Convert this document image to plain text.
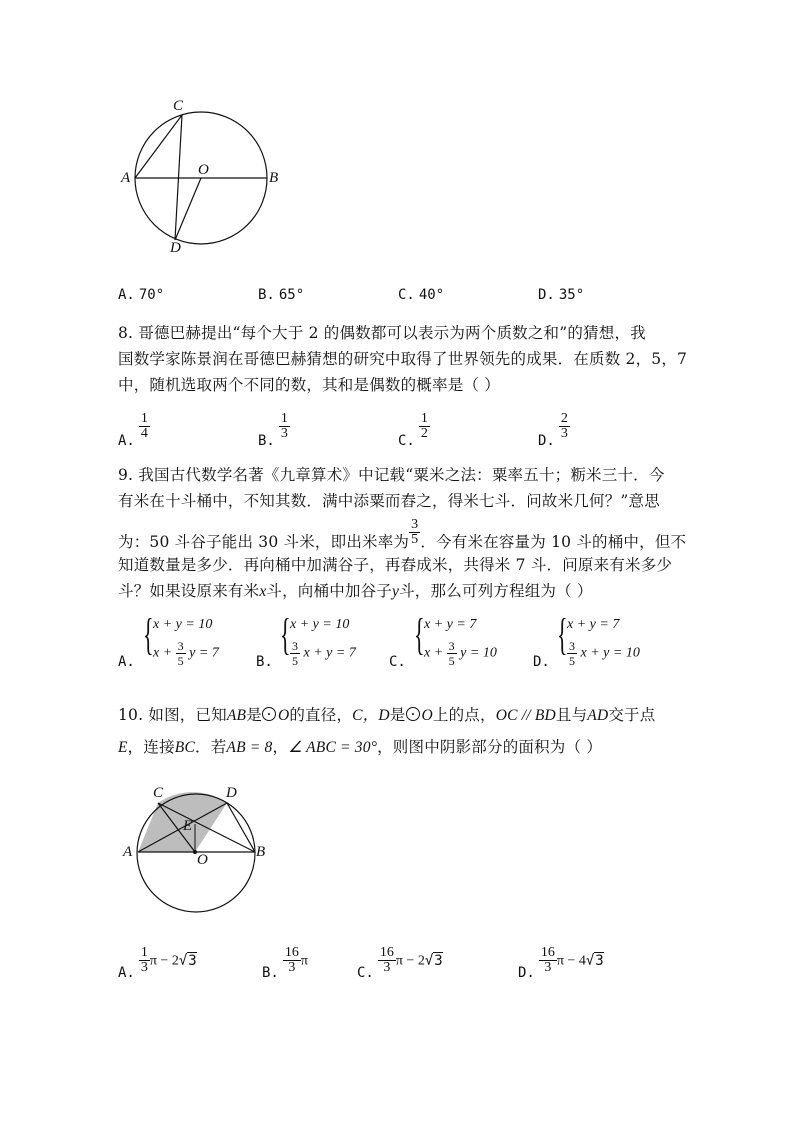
C
A	O	B
D
A. 70°	B. 65°	C. 40°	D. 35°
8. 哥德巴赫提出“每个大于 2 的偶数都可以表示为两个质数之和”的猜想，我
国数学家陈景润在哥德巴赫猜想的研究中取得了世界领先的成果．在质数 2，5，7
中，随机选取两个不同的数，其和是偶数的概率是（ ）
A. $\frac{1}{4}$	B. $\frac{1}{3}$	C. $\frac{1}{2}$	D. $\frac{2}{3}$
9. 我国古代数学名著《九章算术》中记载“粟米之法：粟率五十；粝米三十．今
有米在十斗桶中，不知其数．满中添粟而舂之，得米七斗．问故米几何？”意思
为：50 斗谷子能出 30 斗米，即出米率为 $\frac{3}{5}$ ．今有米在容量为 10 斗的桶中，但不
知道数量是多少．再向桶中加满谷子，再舂成米，共得米 7 斗．问原来有米多少
斗？如果设原来有米x斗，向桶中加谷子y斗，那么可列方程组为（ ）
A.
{ x + y = 10
$x + \frac{3}{5}$ y = 7
B.
{ x + y = 10
$\frac{3}{5}$ x + y = 7
C.
{ x + y = 7
$x + \frac{3}{5}$ y = 10
D.
{ x + y = 7
$\frac{3}{5}$ x + y = 10
10. 如图，已知AB是 O的直径，C，D是 O上的点，OC // BD且与AD交于点
E，连接BC．若AB = 8，∠ ABC = 30°，则图中阴影部分的面积为（ ）
C	D
E
A	O	B
A. $\frac{1}{3}$ π − 2√3
B. $\frac{16}{3}$ π
C. $\frac{16}{3}$ π − 2√3
D. $\frac{16}{3}$ π − 4√3
